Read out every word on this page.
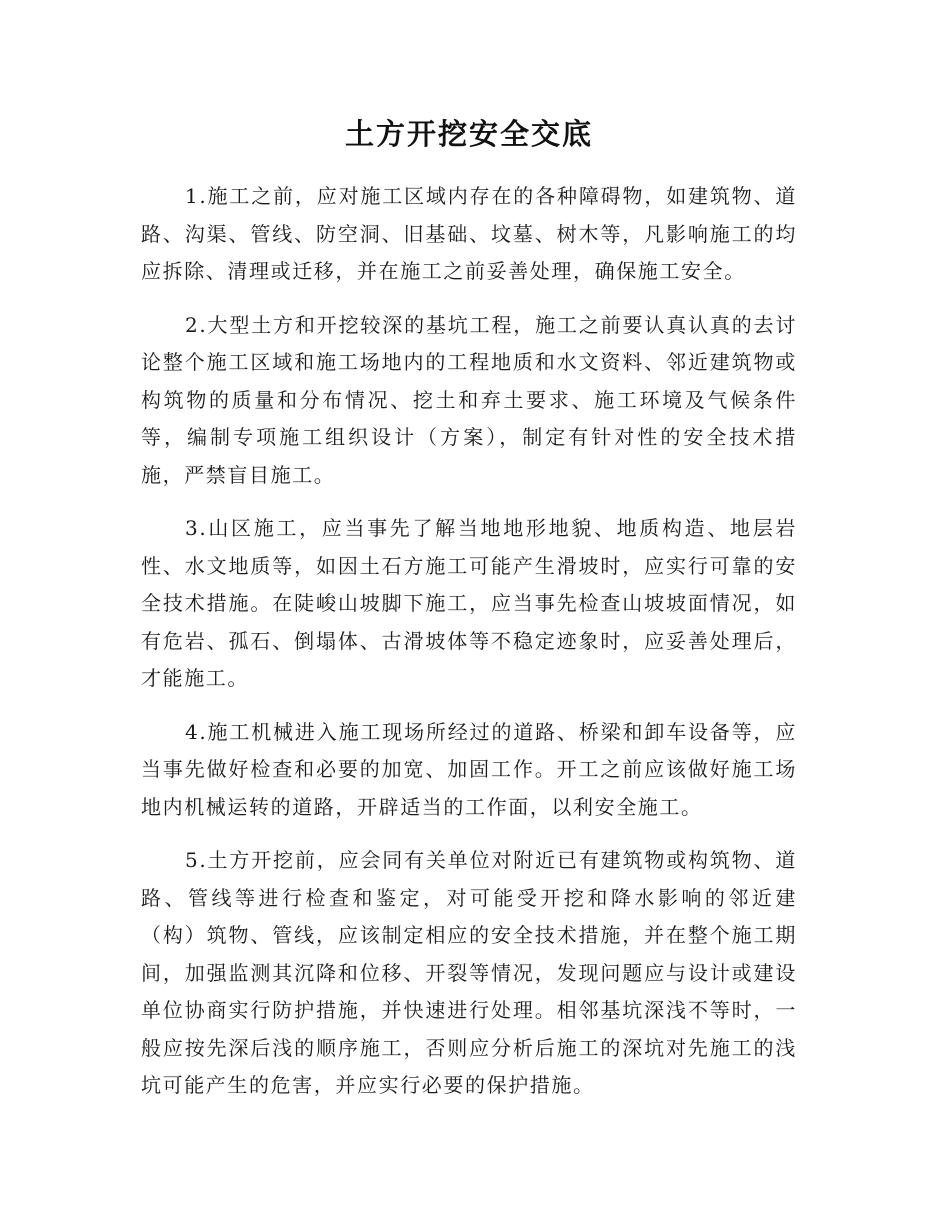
土方开挖安全交底

1.施工之前，应对施工区域内存在的各种障碍物，如建筑物、道路、沟渠、管线、防空洞、旧基础、坟墓、树木等，凡影响施工的均应拆除、清理或迁移，并在施工之前妥善处理，确保施工安全。

2.大型土方和开挖较深的基坑工程，施工之前要认真认真的去讨论整个施工区域和施工场地内的工程地质和水文资料、邻近建筑物或构筑物的质量和分布情况、挖土和弃土要求、施工环境及气候条件等，编制专项施工组织设计（方案），制定有针对性的安全技术措施，严禁盲目施工。

3.山区施工，应当事先了解当地地形地貌、地质构造、地层岩性、水文地质等，如因土石方施工可能产生滑坡时，应实行可靠的安全技术措施。在陡峻山坡脚下施工，应当事先检查山坡坡面情况，如有危岩、孤石、倒塌体、古滑坡体等不稳定迹象时，应妥善处理后，才能施工。

4.施工机械进入施工现场所经过的道路、桥梁和卸车设备等，应当事先做好检查和必要的加宽、加固工作。开工之前应该做好施工场地内机械运转的道路，开辟适当的工作面，以利安全施工。

5.土方开挖前，应会同有关单位对附近已有建筑物或构筑物、道路、管线等进行检查和鉴定，对可能受开挖和降水影响的邻近建（构）筑物、管线，应该制定相应的安全技术措施，并在整个施工期间，加强监测其沉降和位移、开裂等情况，发现问题应与设计或建设单位协商实行防护措施，并快速进行处理。相邻基坑深浅不等时，一般应按先深后浅的顺序施工，否则应分析后施工的深坑对先施工的浅坑可能产生的危害，并应实行必要的保护措施。
